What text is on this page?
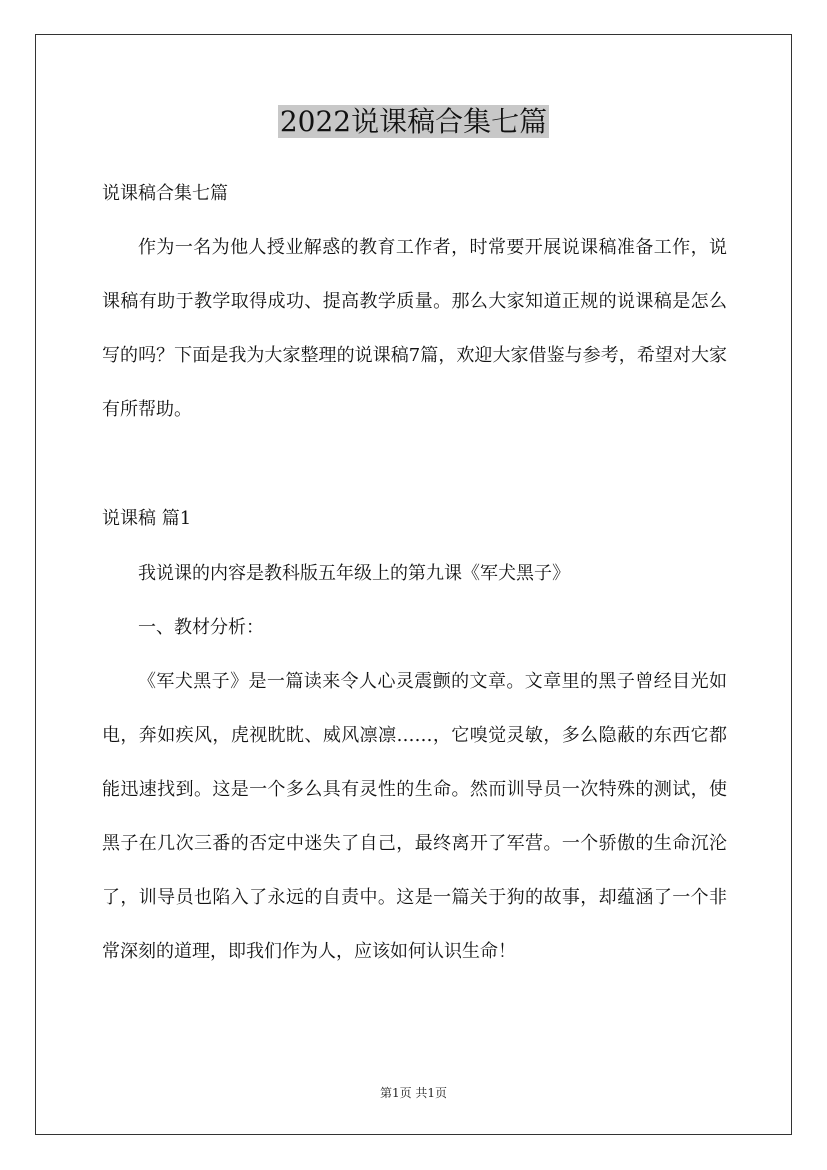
2022说课稿合集七篇
说课稿合集七篇
作为一名为他人授业解惑的教育工作者，时常要开展说课稿准备工作，说课稿有助于教学取得成功、提高教学质量。那么大家知道正规的说课稿是怎么写的吗？下面是我为大家整理的说课稿7篇，欢迎大家借鉴与参考，希望对大家有所帮助。
说课稿 篇1
我说课的内容是教科版五年级上的第九课《军犬黑子》
一、教材分析：
《军犬黑子》是一篇读来令人心灵震颤的文章。文章里的黑子曾经目光如电，奔如疾风，虎视眈眈、威风凛凛……，它嗅觉灵敏，多么隐蔽的东西它都能迅速找到。这是一个多么具有灵性的生命。然而训导员一次特殊的测试，使黑子在几次三番的否定中迷失了自己，最终离开了军营。一个骄傲的生命沉沦了，训导员也陷入了永远的自责中。这是一篇关于狗的故事，却蕴涵了一个非常深刻的道理，即我们作为人，应该如何认识生命！
第1页 共1页
